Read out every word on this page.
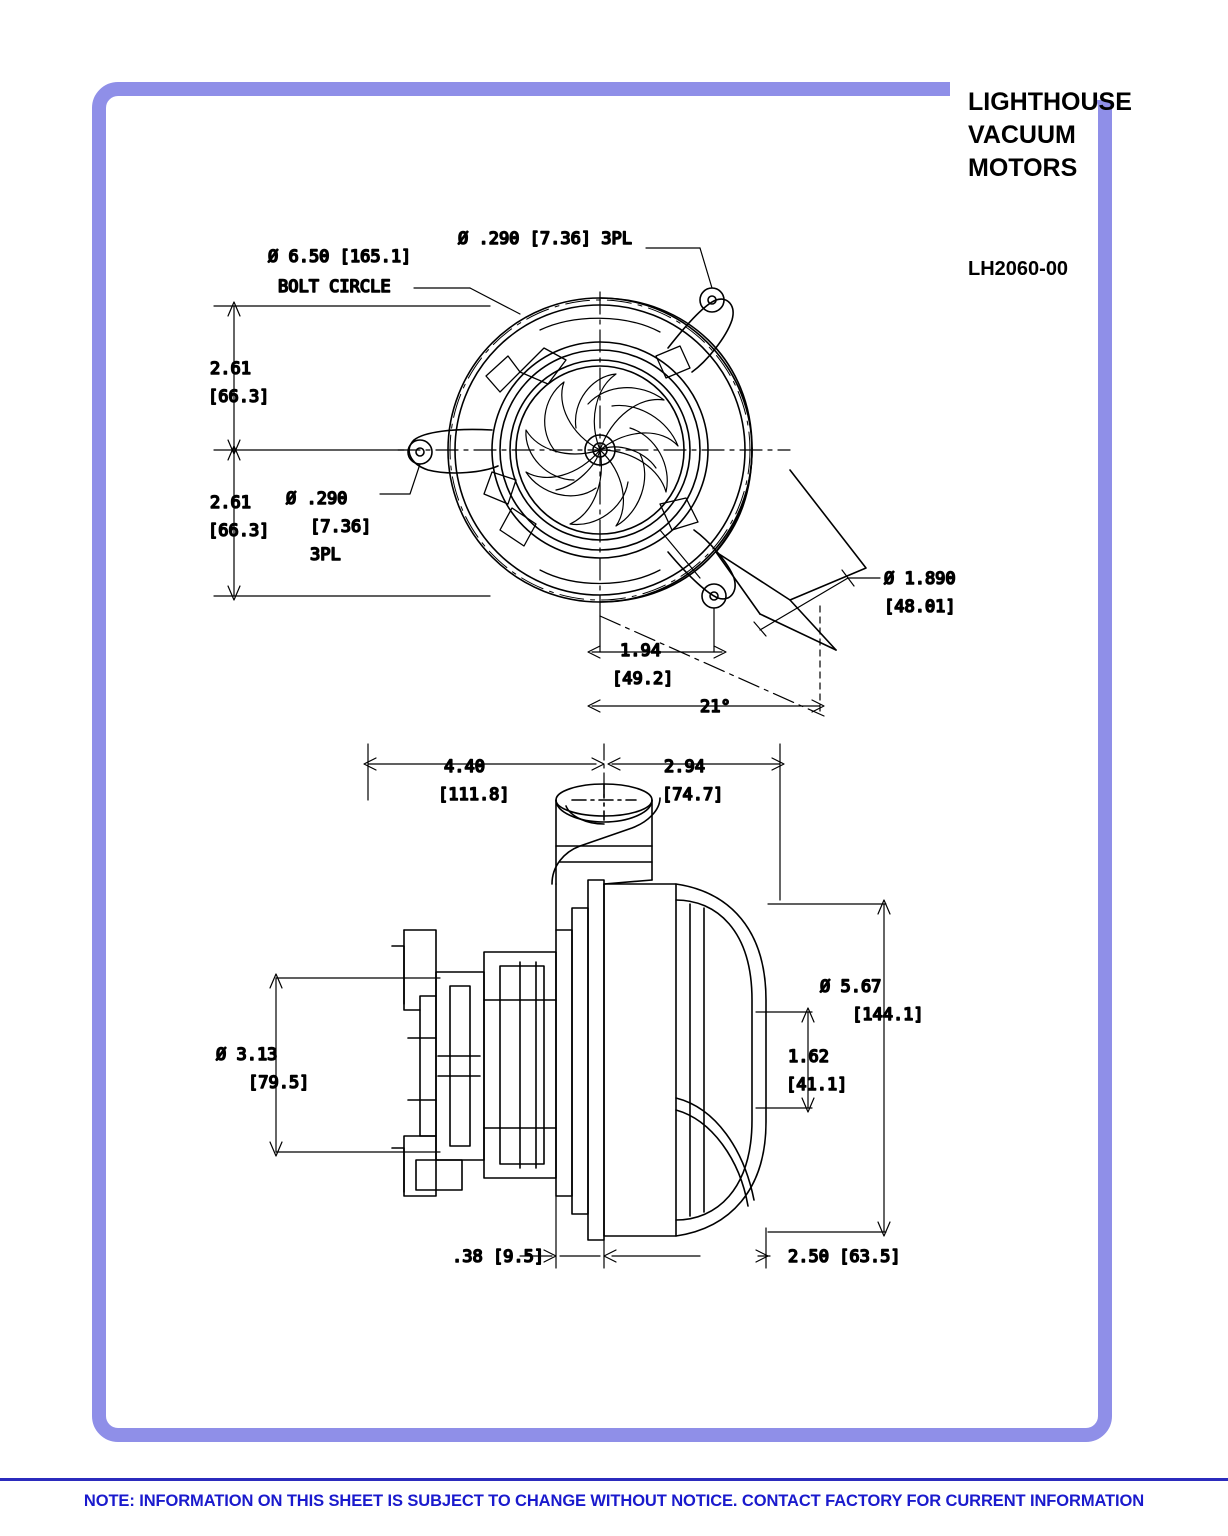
LIGHTHOUSE
VACUUM
MOTORS
LH2060-00
Ø 6.50 [165.1]
BOLT CIRCLE
Ø .290 [7.36] 3PL
Ø .290
[7.36]
3PL
2.61
[66.3]
2.61
[66.3]
Ø 1.890
[48.01]
1.94
[49.2]
21°
4.40
[111.8]
2.94
[74.7]
Ø 3.13
[79.5]
Ø 5.67
[144.1]
1.62
[41.1]
.38 [9.5]	2.50 [63.5]
NOTE: INFORMATION ON THIS SHEET IS SUBJECT TO CHANGE WITHOUT NOTICE. CONTACT FACTORY FOR CURRENT INFORMATION
